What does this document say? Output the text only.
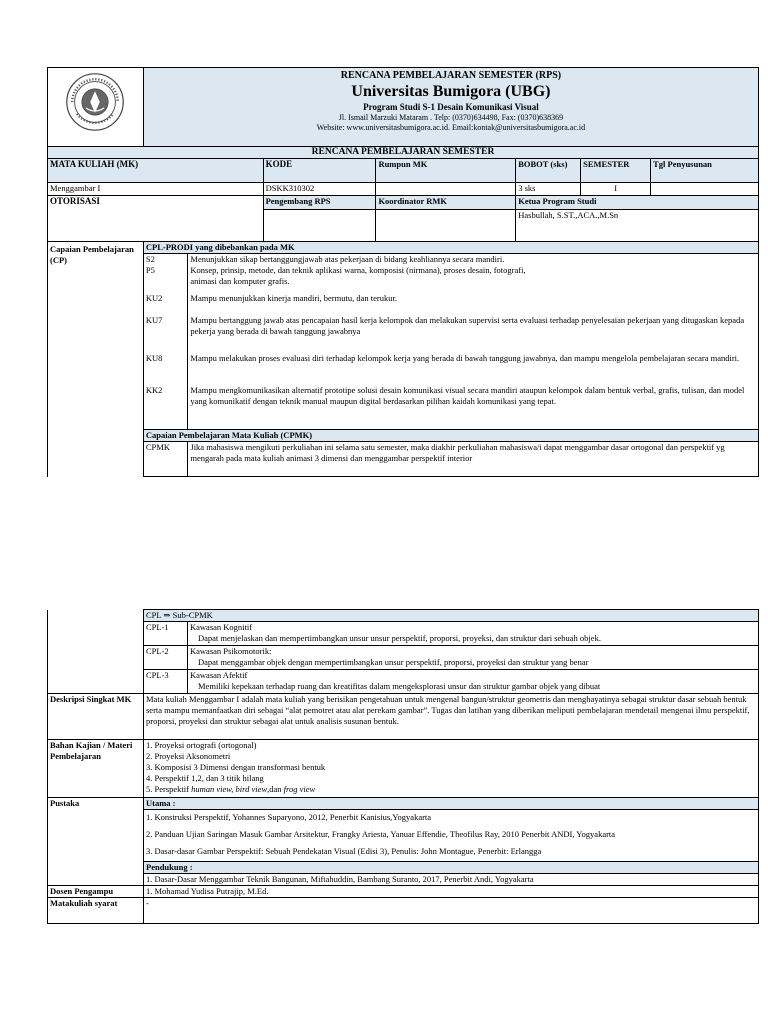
RENCANA PEMBELAJARAN SEMESTER (RPS)
Universitas Bumigora (UBG)
Program Studi S-1 Desain Komunikasi Visual
Jl. Ismail Marzuki Mataram . Telp: (0370)634498, Fax: (0370)638369
Website: www.universitasbumigora.ac.id. Email:kontak@universitasbumigora.ac.id

RENCANA PEMBELAJARAN SEMESTER
MATA KULIAH (MK)	KODE	Rumpun MK	BOBOT (sks)	SEMESTER	Tgl Penyusunan
Menggambar I	DSKK310302		3 sks	I	
OTORISASI	Pengembang RPS	Koordinator RMK	Ketua Program Studi
		Hasbullah, S.ST.,ACA.,M.Sn
Capaian Pembelajaran (CP)	CPL-PRODI yang dibebankan pada MK

S2	Menunjukkan sikap bertanggungjawab atas pekerjaan di bidang keahliannya secara mandiri.
P5	Konsep, prinsip, metode, dan teknik aplikasi warna, komposisi (nirmana), proses desain, fotografi, animasi dan komputer grafis.
KU2	Mampu menunjukkan kinerja mandiri, bermutu, dan terukur.
KU7	Mampu bertanggung jawab atas pencapaian hasil kerja kelompok dan melakukan supervisi serta evaluasi terhadap penyelesaian pekerjaan yang ditugaskan kepada pekerja yang berada di bawah tanggung jawabnya
KU8	Mampu melakukan proses evaluasi diri terhadap kelompok kerja yang berada di bawah tanggung jawabnya, dan mampu mengelola pembelajaran secara mandiri.
KK2	Mampu mengkomunikasikan alternatif prototipe solusi desain komunikasi visual secara mandiri ataupun kelompok dalam bentuk verbal, grafis, tulisan, dan model yang komunikatif dengan teknik manual maupun digital berdasarkan pilihan kaidah komunikasi yang tepat.

Capaian Pembelajaran Mata Kuliah (CPMK)

CPMK	Jika mahasiswa mengikuti perkuliahan ini selama satu semester, maka diakhir perkuliahan mahasiswa/i dapat menggambar dasar ortogonal dan perspektif yg mengarah pada mata kuliah animasi 3 dimensi dan menggambar perspektif interior
	CPL ⇒ Sub-CPMK	
	CPL-1	Kawasan Kognitif
Dapat menjelaskan dan mempertimbangkan unsur unsur perspektif, proporsi, proyeksi, dan struktur dari sebuah objek.

	CPL-2	Kawasan Psikomotorik:
Dapat menggambar objek dengan mempertimbangkan unsur perspektif, proporsi, proyeksi dan struktur yang benar

	CPL-3	Kawasan Afektif
Memiliki kepekaan terhadap ruang dan kreatifitas dalam mengeksplorasi unsur dan struktur gambar objek yang dibuat

Deskripsi Singkat MK	Mata kuliah Menggambar I adalah mata kuliah yang berisikan pengetahuan untuk mengenal bangun/struktur geometris dan menghayatinya sebagai struktur dasar sebuah bentuk serta mampu memanfaatkan diri sebagai “alat pemotret atau alat perekam gambar”. Tugas dan latihan yang diberikan meliputi pembelajaran mendetail mengenai ilmu perspektif, proporsi, proyeksi dan struktur sebagai alat untuk analisis susunan bentuk.	
Bahan Kajian / Materi Pembelajaran	1. Proyeksi ortografi (ortogonal)
2. Proyeksi Aksonometri
3. Komposisi 3 Dimensi dengan transformasi bentuk
4. Perspektif 1,2, dan 3 titik hilang
5. Perspektif human view, bird view,dan frog view	

Pustaka	Utama :	

	1. Konstruksi Perspektif, Yohannes Suparyono, 2012, Penerbit Kanisius,Yogyakarta
2. Panduan Ujian Saringan Masuk Gambar Arsitektur, Frangky Ariesta, Yanuar Effendie, Theofilus Ray, 2010 Penerbit ANDI, Yogyakarta
3. Dasar-dasar Gambar Perspektif: Sebuah Pendekatan Visual (Edisi 3), Penulis: John Montague, Penerbit: Erlangga	

	Pendukung :	
	1. Dasar-Dasar Menggambar Teknik Bangunan, Miftahuddin, Bambang Suranto, 2017, Penerbit Andi, Yogyakarta	
Dosen Pengampu	1. Mohamad Yudisa Putrajip, M.Ed.	
Matakuliah syarat	-	
